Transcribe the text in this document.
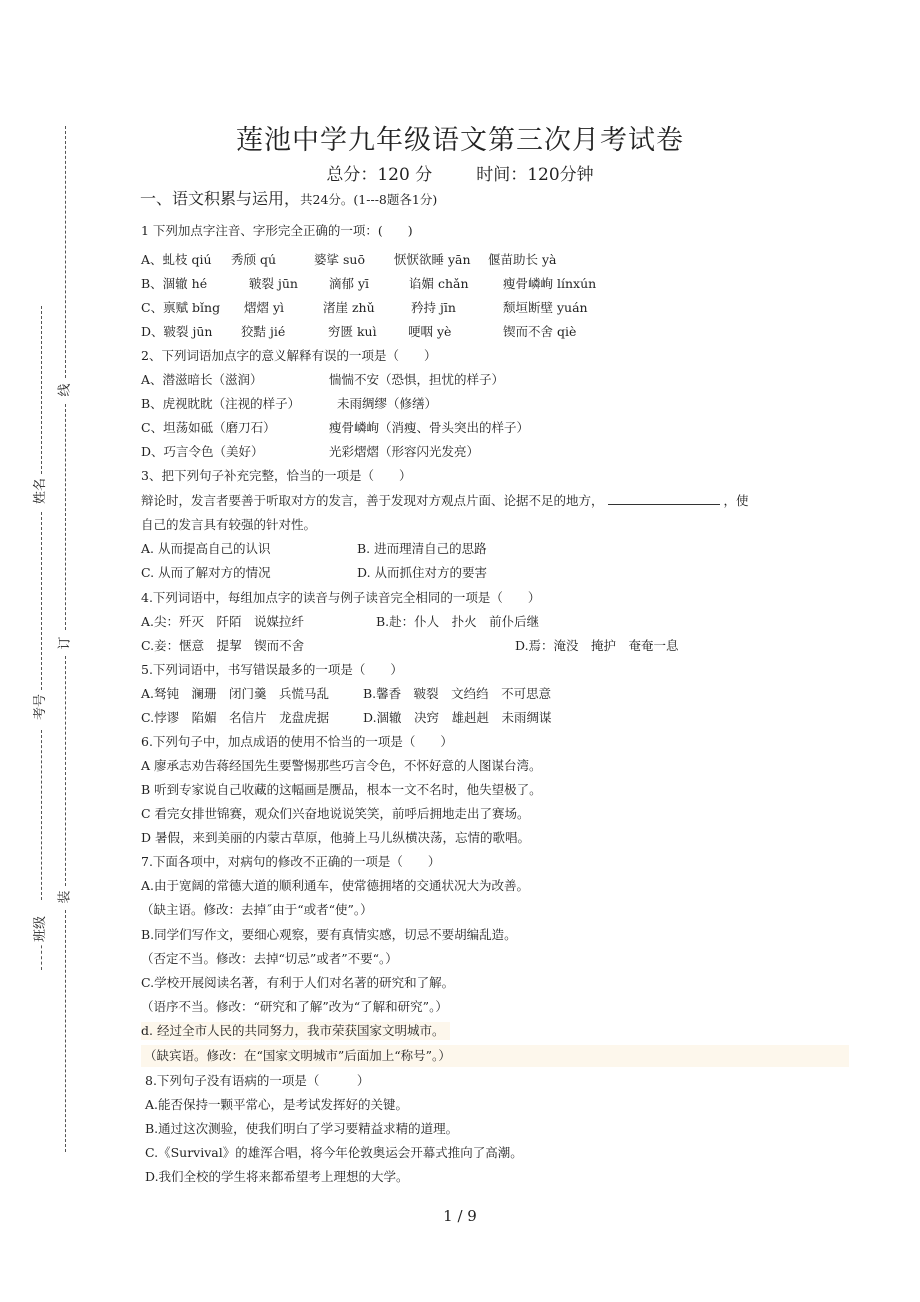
姓名
考号
班级
线
订
装
莲池中学九年级语文第三次月考试卷
总分：120 分	时间：120分钟
一、语文积累与运用，共24分。(1---8题各1分)
1 下列加点字注音、字形完全正确的一项：(　　)
A、虬枝 qiú 秀颀 qú	婆挲 suō 恹恹欲睡 yān 偃苗助长 yà
B、涸辙 hé	皲裂 jūn 滴郁 yī	谄媚 chǎn	瘦骨嶙峋 línxún
C、禀赋 bǐng 熠熠 yì	渚崖 zhǔ	矜持 jīn	颓垣断壁 yuán
D、皲裂 jūn 狡黠 jié	穷匮 kuì	哽咽 yè	锲而不舍 qiè
2、下列词语加点字的意义解释有误的一项是（　　）
A、潜滋暗长（滋润）	惴惴不安（恐惧，担忧的样子）
B、虎视眈眈（注视的样子）	未雨绸缪（修缮）
C、坦荡如砥（磨刀石）	瘦骨嶙峋（消瘦、骨头突出的样子）
D、巧言令色（美好）	光彩熠熠（形容闪光发亮）
3、把下列句子补充完整，恰当的一项是（　　）
辩论时，发言者要善于听取对方的发言，善于发现对方观点片面、论据不足的地方，	，使
自己的发言具有较强的针对性。
A. 从而提高自己的认识	B. 进而理清自己的思路
C. 从而了解对方的情况	D. 从而抓住对方的要害
4.下列词语中，每组加点字的读音与例子读音完全相同的一项是（　　）
A.尖：歼灭　阡陌　说媒拉纤	B.赴：仆人　扑火　前仆后继
C.妾：惬意　提挈　锲而不舍	D.焉：淹没　掩护　奄奄一息
5.下列词语中，书写错误最多的一项是（　　）
A.驽钝　澜珊　闭门羹　兵慌马乱	B.馨香　皲裂　文绉绉　不可思意
C.悖谬　陷媚　名信片　龙盘虎据	D.涸辙　决窍　雄赳赳　未雨绸谋
6.下列句子中，加点成语的使用不恰当的一项是（　　）
A 廖承志劝告蒋经国先生要警惕那些巧言令色，不怀好意的人图谋台湾。
B 听到专家说自己收藏的这幅画是赝品，根本一文不名时，他失望极了。
C 看完女排世锦赛，观众们兴奋地说说笑笑，前呼后拥地走出了赛场。
D 暑假，来到美丽的内蒙古草原，他骑上马儿纵横决荡，忘情的歌唱。
7.下面各项中，对病句的修改不正确的一项是（　　）
A.由于宽阔的常德大道的顺利通车，使常德拥堵的交通状况大为改善。
（缺主语。修改：去掉˝由于“或者“使”。）
B.同学们写作文，要细心观察，要有真情实感，切忌不要胡编乱造。
（否定不当。修改：去掉“切忌”或者”不要“。）
C.学校开展阅读名著，有利于人们对名著的研究和了解。
（语序不当。修改：“研究和了解”改为“了解和研究”。）
d. 经过全市人民的共同努力，我市荣获国家文明城市。
（缺宾语。修改：在“国家文明城市”后面加上“称号”。）
8.下列句子没有语病的一项是（　　　）
A.能否保持一颗平常心，是考试发挥好的关键。
B.通过这次测验，使我们明白了学习要精益求精的道理。
C.《Survival》的雄浑合唱，将今年伦敦奥运会开幕式推向了高潮。
D.我们全校的学生将来都希望考上理想的大学。
1 / 9
